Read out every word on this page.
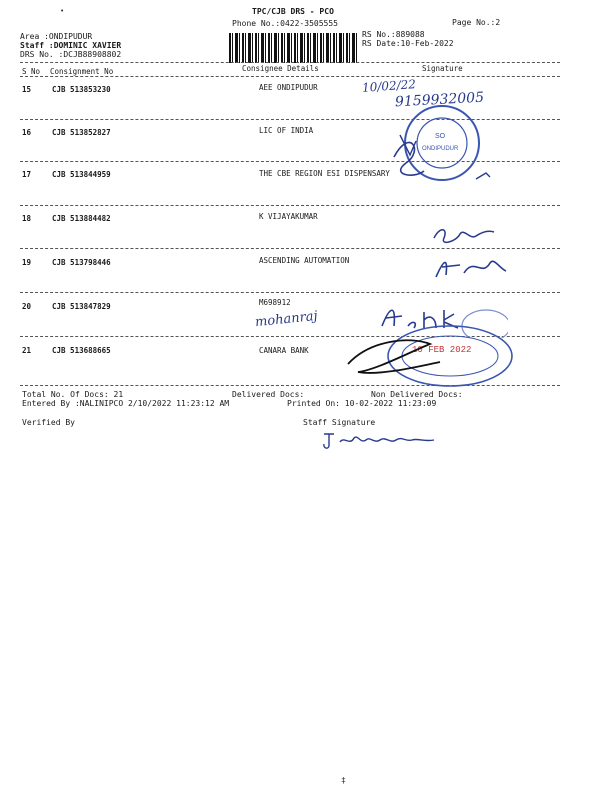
TPC/CJB DRS - PCO
Phone No.:0422-3505555	Page No.:2
Area :ONDIPUDUR
Staff :DOMINIC XAVIER
DRS No. :DCJB88908802
RS No.:889088
RS Date:10-Feb-2022
S No Consignment No	Consignee Details	Signature
15	CJB 513853230	AEE ONDIPUDUR
16	CJB 513852827	LIC OF INDIA
17	CJB 513844959	THE CBE REGION ESI DISPENSARY
18	CJB 513884482	K VIJAYAKUMAR
19	CJB 513798446	ASCENDING AUTOMATION
20	CJB 513847829	M698912
21	CJB 513688665	CANARA BANK
10/02/22
9159932005
mohanraj
SO
ONDIPUDUR
10 FEB 2022
Total No. Of Docs: 21	Delivered Docs:	Non Delivered Docs:
Entered By :NALINIPCO 2/10/2022 11:23:12 AM	Printed On: 10-02-2022 11:23:09
Verified By	Staff Signature
•
‡
